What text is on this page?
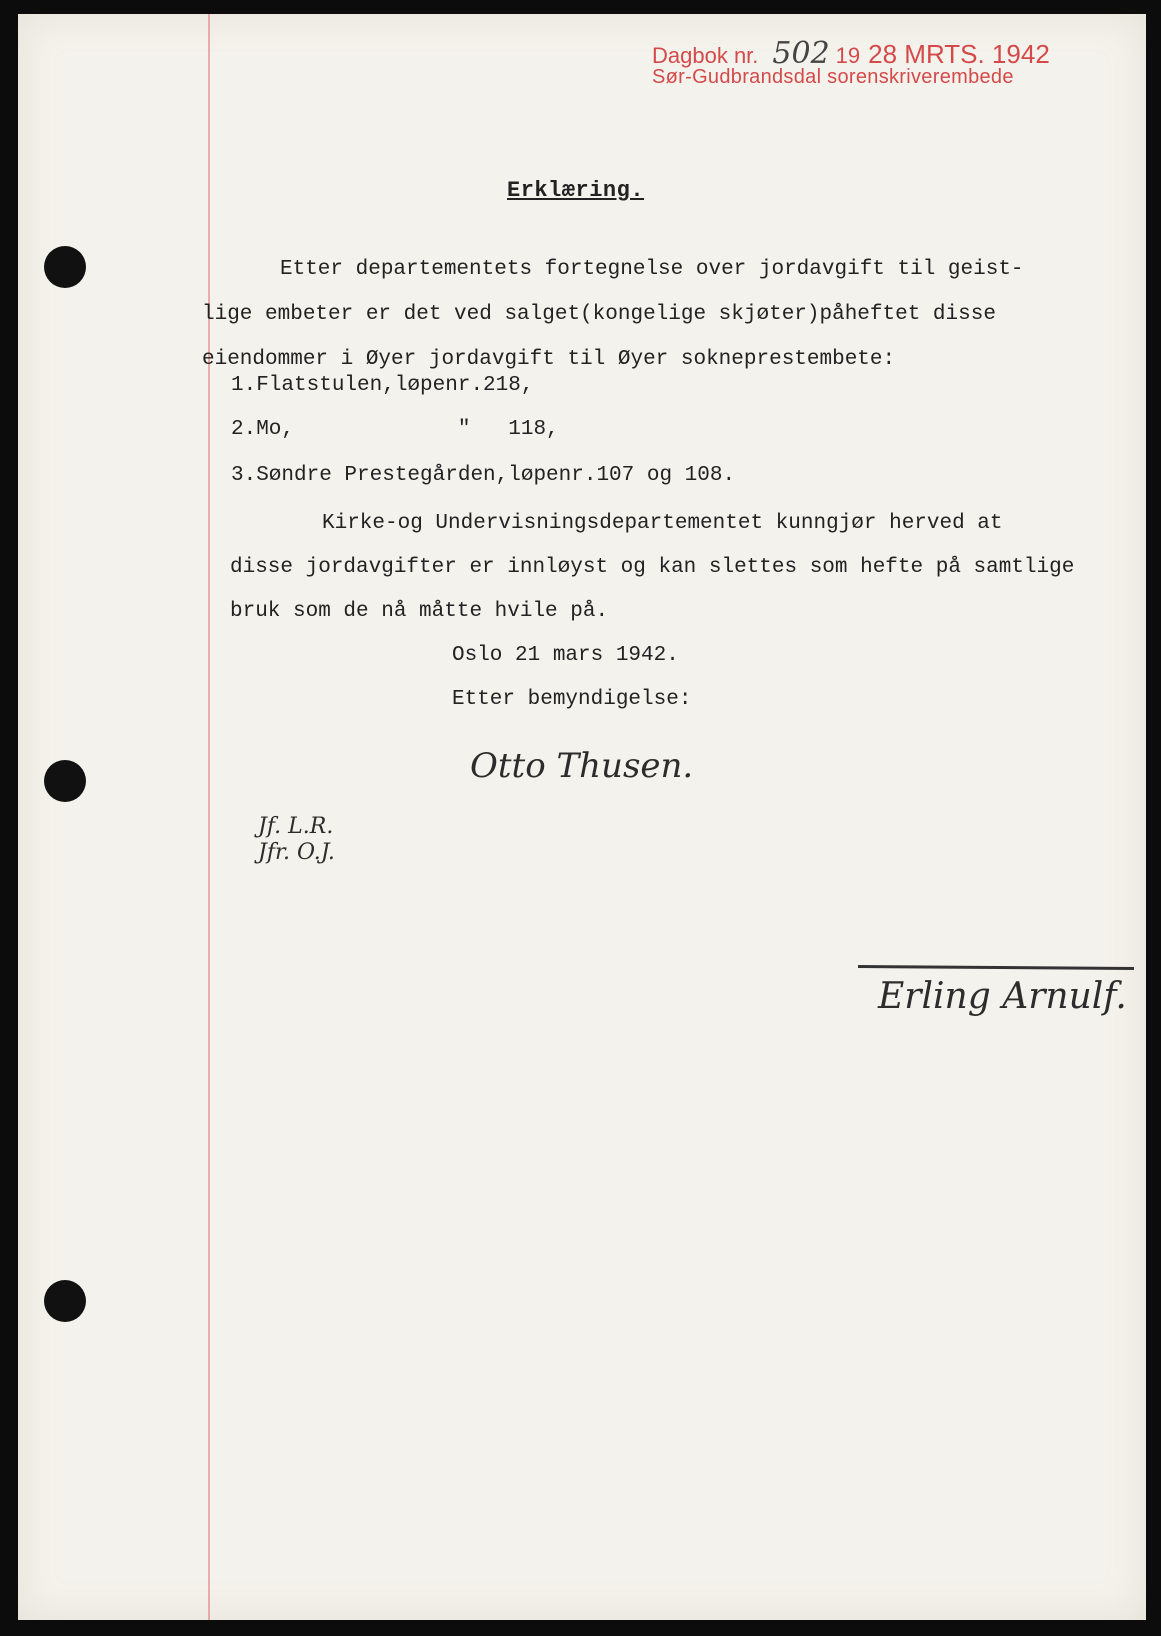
Dagbok nr. 502 19 28 MRTS. 1942
Sør-Gudbrandsdal sorenskriverembede
Erklæring.
Etter departementets fortegnelse over jordavgift til geist-
lige embeter er det ved salget(kongelige skjøter)påheftet disse
eiendommer i Øyer jordavgift til Øyer sokneprestembete:
1.Flatstulen,løpenr.218,
2.Mo,             "   118,
3.Søndre Prestegården,løpenr.107 og 108.
Kirke-og Undervisningsdepartementet kunngjør herved at
disse jordavgifter er innløyst og kan slettes som hefte på samtlige
bruk som de nå måtte hvile på.
Oslo 21 mars 1942.
Etter bemyndigelse:
Otto Thusen.
Jf. L.R.
Jfr. O.J.
Erling Arnulf.
